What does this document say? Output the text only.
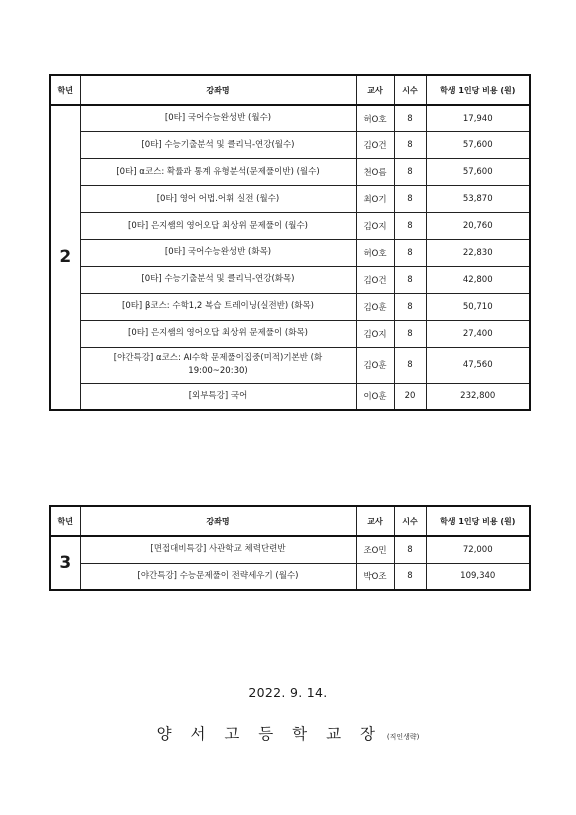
학년	강좌명	교사	시수	학생 1인당 비용 (원)
2	[0타] 국어수능완성반 (월수)	허O호	8	17,940
	[0타] 수능기출분석 및 클리닉-연강(월수)	김O건	8	57,600
	[0타] α코스: 확률과 통계 유형분석(문제풀이반) (월수)	천O름	8	57,600
	[0타] 영어 어법.어휘 실전 (월수)	최O기	8	53,870
	[0타] 은지쌤의 영어오답 최상위 문제풀이 (월수)	김O지	8	20,760
	[0타] 국어수능완성반 (화목)	허O호	8	22,830
	[0타] 수능기출분석 및 클리닉-연강(화목)	김O건	8	42,800
	[0타] β코스: 수학1,2 복습 트레이닝(실전반) (화목)	김O훈	8	50,710
	[0타] 은지쌤의 영어오답 최상위 문제풀이 (화목)	김O지	8	27,400
	[야간특강] α코스: AI수학 문제풀이집중(미적)기본반 (화 19:00~20:30)	김O훈	8	47,560
	[외부특강] 국어	이O훈	20	232,800
학년	강좌명	교사	시수	학생 1인당 비용 (원)
3	[면접대비특강] 사관학교 체력단련반	조O민	8	72,000
	[야간특강] 수능문제풀이 전략세우기 (월수)	박O조	8	109,340
2022. 9. 14.
양 서 고 등 학 교 장 (직인생략)
